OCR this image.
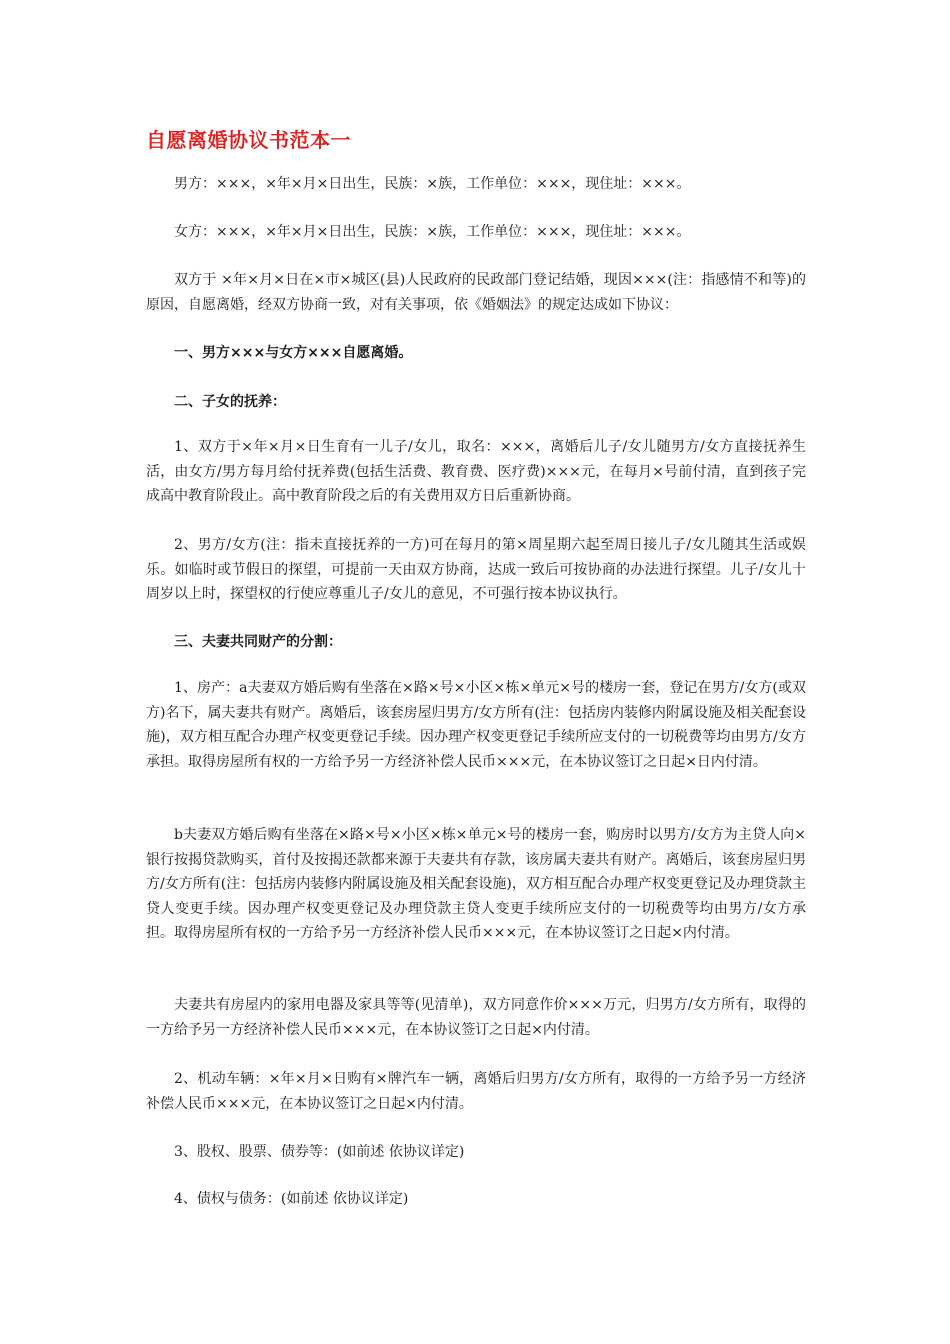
自愿离婚协议书范本一

男方：×××，×年×月×日出生，民族：×族，工作单位：×××，现住址：×××。

女方：×××，×年×月×日出生，民族：×族，工作单位：×××，现住址：×××。

双方于 ×年×月×日在×市×城区(县)人民政府的民政部门登记结婚，现因×××(注：指感情不和等)的原因，自愿离婚，经双方协商一致，对有关事项，依《婚姻法》的规定达成如下协议：

一、男方×××与女方×××自愿离婚。

二、子女的抚养：

1、双方于×年×月×日生育有一儿子/女儿，取名：×××，离婚后儿子/女儿随男方/女方直接抚养生活，由女方/男方每月给付抚养费(包括生活费、教育费、医疗费)×××元，在每月×号前付清，直到孩子完成高中教育阶段止。高中教育阶段之后的有关费用双方日后重新协商。

2、男方/女方(注：指未直接抚养的一方)可在每月的第×周星期六起至周日接儿子/女儿随其生活或娱乐。如临时或节假日的探望，可提前一天由双方协商，达成一致后可按协商的办法进行探望。儿子/女儿十周岁以上时，探望权的行使应尊重儿子/女儿的意见，不可强行按本协议执行。

三、夫妻共同财产的分割：

1、房产：a夫妻双方婚后购有坐落在×路×号×小区×栋×单元×号的楼房一套，登记在男方/女方(或双方)名下，属夫妻共有财产。离婚后，该套房屋归男方/女方所有(注：包括房内装修内附属设施及相关配套设施)，双方相互配合办理产权变更登记手续。因办理产权变更登记手续所应支付的一切税费等均由男方/女方承担。取得房屋所有权的一方给予另一方经济补偿人民币×××元，在本协议签订之日起×日内付清。

b夫妻双方婚后购有坐落在×路×号×小区×栋×单元×号的楼房一套，购房时以男方/女方为主贷人向×银行按揭贷款购买，首付及按揭还款都来源于夫妻共有存款，该房属夫妻共有财产。离婚后，该套房屋归男方/女方所有(注：包括房内装修内附属设施及相关配套设施)，双方相互配合办理产权变更登记及办理贷款主贷人变更手续。因办理产权变更登记及办理贷款主贷人变更手续所应支付的一切税费等均由男方/女方承担。取得房屋所有权的一方给予另一方经济补偿人民币×××元，在本协议签订之日起×内付清。

夫妻共有房屋内的家用电器及家具等等(见清单)，双方同意作价×××万元，归男方/女方所有，取得的一方给予另一方经济补偿人民币×××元，在本协议签订之日起×内付清。

2、机动车辆：×年×月×日购有×牌汽车一辆，离婚后归男方/女方所有，取得的一方给予另一方经济补偿人民币×××元，在本协议签订之日起×内付清。

3、股权、股票、债券等：(如前述 依协议详定)

4、债权与债务：(如前述 依协议详定)
